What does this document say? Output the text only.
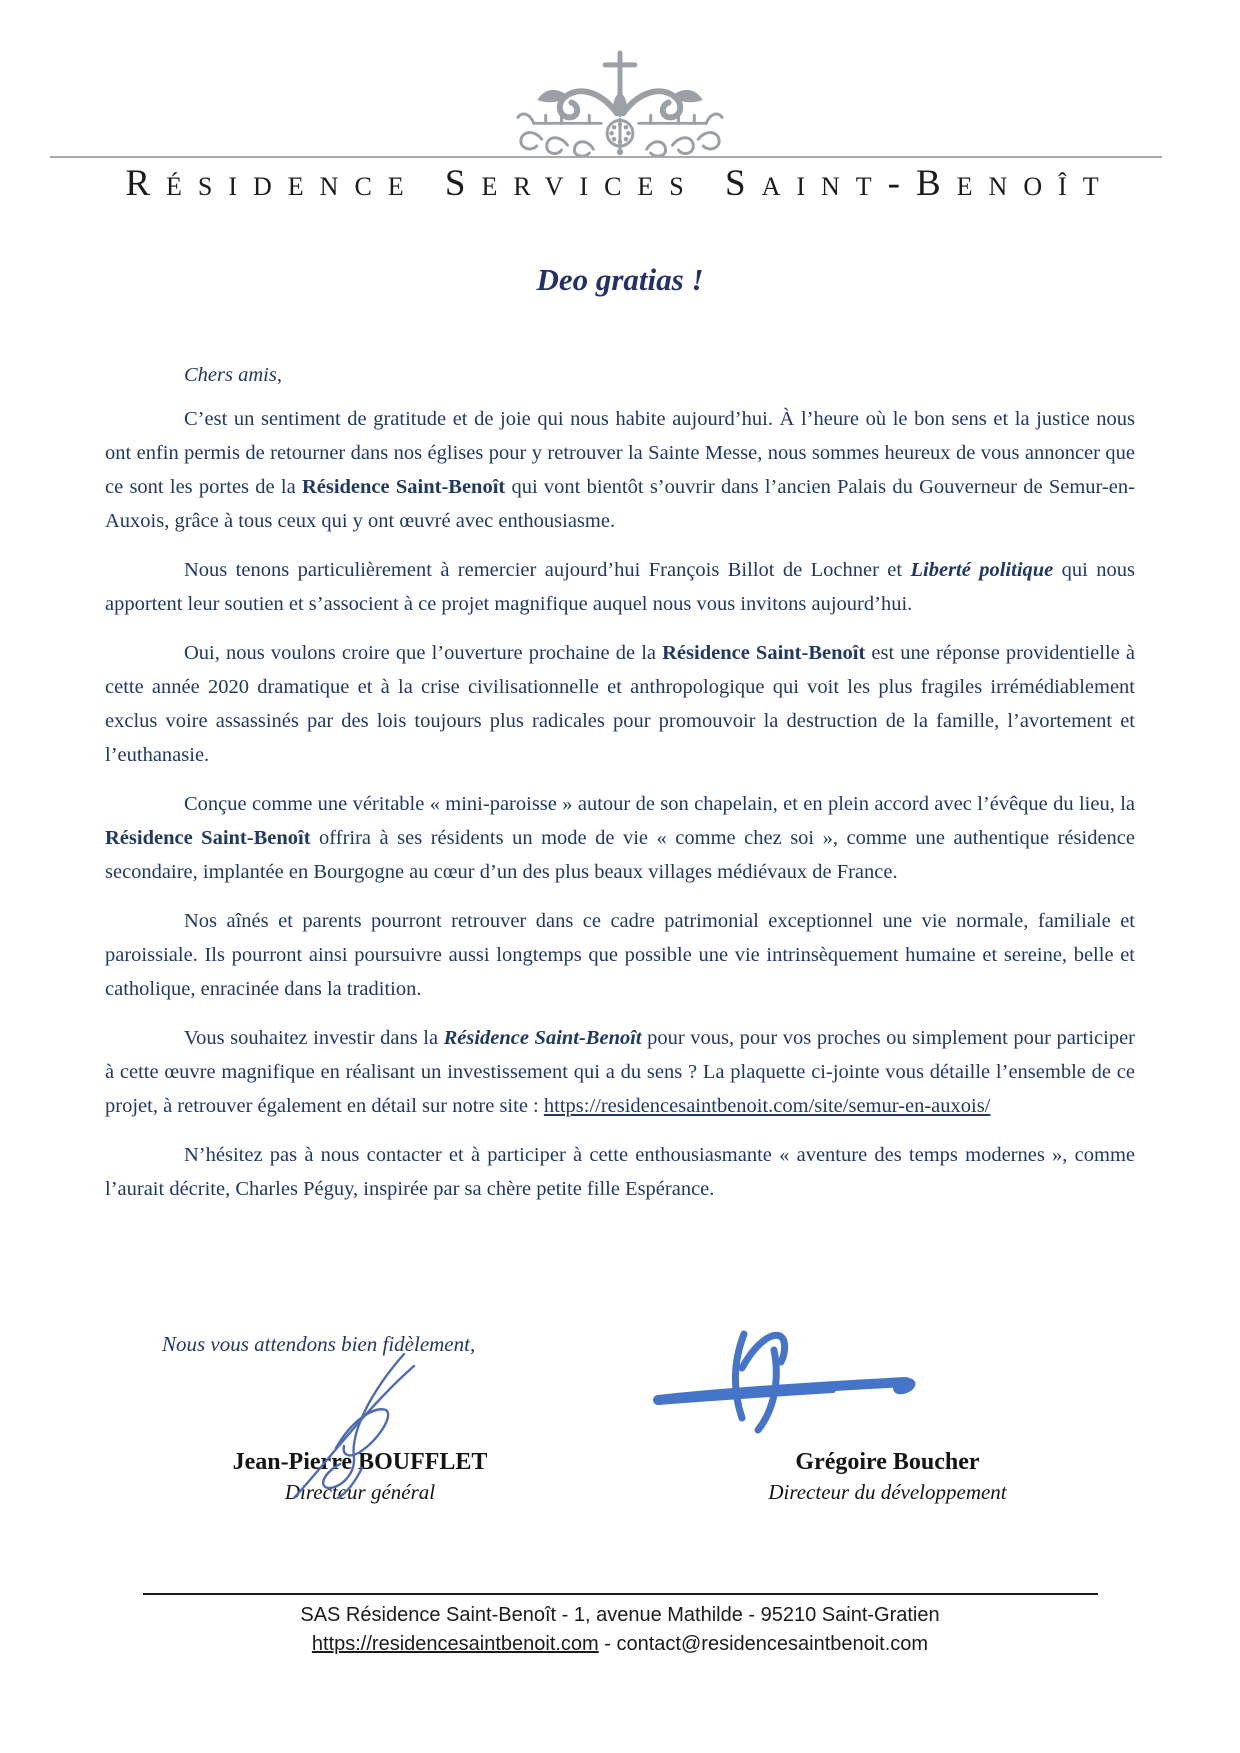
Résidence Services Saint-Benoît
Deo gratias !
Chers amis,

C’est un sentiment de gratitude et de joie qui nous habite aujourd’hui. À l’heure où le bon sens et la justice nous ont enfin permis de retourner dans nos églises pour y retrouver la Sainte Messe, nous sommes heureux de vous annoncer que ce sont les portes de la Résidence Saint-Benoît qui vont bientôt s’ouvrir dans l’ancien Palais du Gouverneur de Semur-en-Auxois, grâce à tous ceux qui y ont œuvré avec enthousiasme.

Nous tenons particulièrement à remercier aujourd’hui François Billot de Lochner et Liberté politique qui nous apportent leur soutien et s’associent à ce projet magnifique auquel nous vous invitons aujourd’hui.

Oui, nous voulons croire que l’ouverture prochaine de la Résidence Saint-Benoît est une réponse providentielle à cette année 2020 dramatique et à la crise civilisationnelle et anthropologique qui voit les plus fragiles irrémédiablement exclus voire assassinés par des lois toujours plus radicales pour promouvoir la destruction de la famille, l’avortement et l’euthanasie.

Conçue comme une véritable « mini-paroisse » autour de son chapelain, et en plein accord avec l’évêque du lieu, la Résidence Saint-Benoît offrira à ses résidents un mode de vie « comme chez soi », comme une authentique résidence secondaire, implantée en Bourgogne au cœur d’un des plus beaux villages médiévaux de France.

Nos aînés et parents pourront retrouver dans ce cadre patrimonial exceptionnel une vie normale, familiale et paroissiale. Ils pourront ainsi poursuivre aussi longtemps que possible une vie intrinsèquement humaine et sereine, belle et catholique, enracinée dans la tradition.

Vous souhaitez investir dans la Résidence Saint-Benoît pour vous, pour vos proches ou simplement pour participer à cette œuvre magnifique en réalisant un investissement qui a du sens ? La plaquette ci-jointe vous détaille l’ensemble de ce projet, à retrouver également en détail sur notre site : https://residencesaintbenoit.com/site/semur-en-auxois/

N’hésitez pas à nous contacter et à participer à cette enthousiasmante « aventure des temps modernes », comme l’aurait décrite, Charles Péguy, inspirée par sa chère petite fille Espérance.

Nous vous attendons bien fidèlement,
Jean-Pierre BOUFFLET
Directeur général
Grégoire Boucher
Directeur du développement
SAS Résidence Saint-Benoît - 1, avenue Mathilde - 95210 Saint-Gratien
https://residencesaintbenoit.com - contact@residencesaintbenoit.com
